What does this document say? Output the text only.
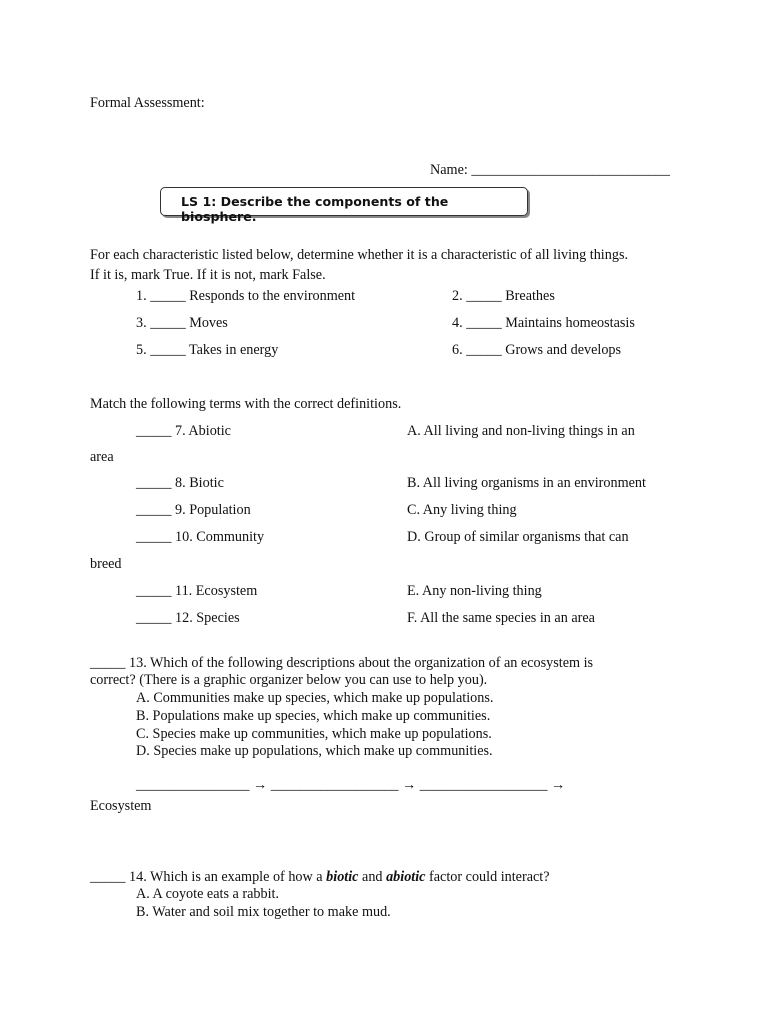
Formal Assessment:
Name: ____________________________
LS 1: Describe the components of the biosphere.
For each characteristic listed below, determine whether it is a characteristic of all living things.
If it is, mark True. If it is not, mark False.
1. _____ Responds to the environment	2. _____ Breathes
3. _____ Moves	4. _____ Maintains homeostasis
5. _____ Takes in energy	6. _____ Grows and develops
Match the following terms with the correct definitions.
_____ 7. Abiotic	A. All living and non-living things in an
area
_____ 8. Biotic	B. All living organisms in an environment
_____ 9. Population	C. Any living thing
_____ 10. Community	D. Group of similar organisms that can
breed
_____ 11. Ecosystem	E. Any non-living thing
_____ 12. Species	F. All the same species in an area
_____ 13. Which of the following descriptions about the organization of an ecosystem is
correct? (There is a graphic organizer below you can use to help you).
A. Communities make up species, which make up populations.
B. Populations make up species, which make up communities.
C. Species make up communities, which make up populations.
D. Species make up populations, which make up communities.
________________ → __________________ → __________________ →
Ecosystem
_____ 14. Which is an example of how a biotic and abiotic factor could interact?
A. A coyote eats a rabbit.
B. Water and soil mix together to make mud.
